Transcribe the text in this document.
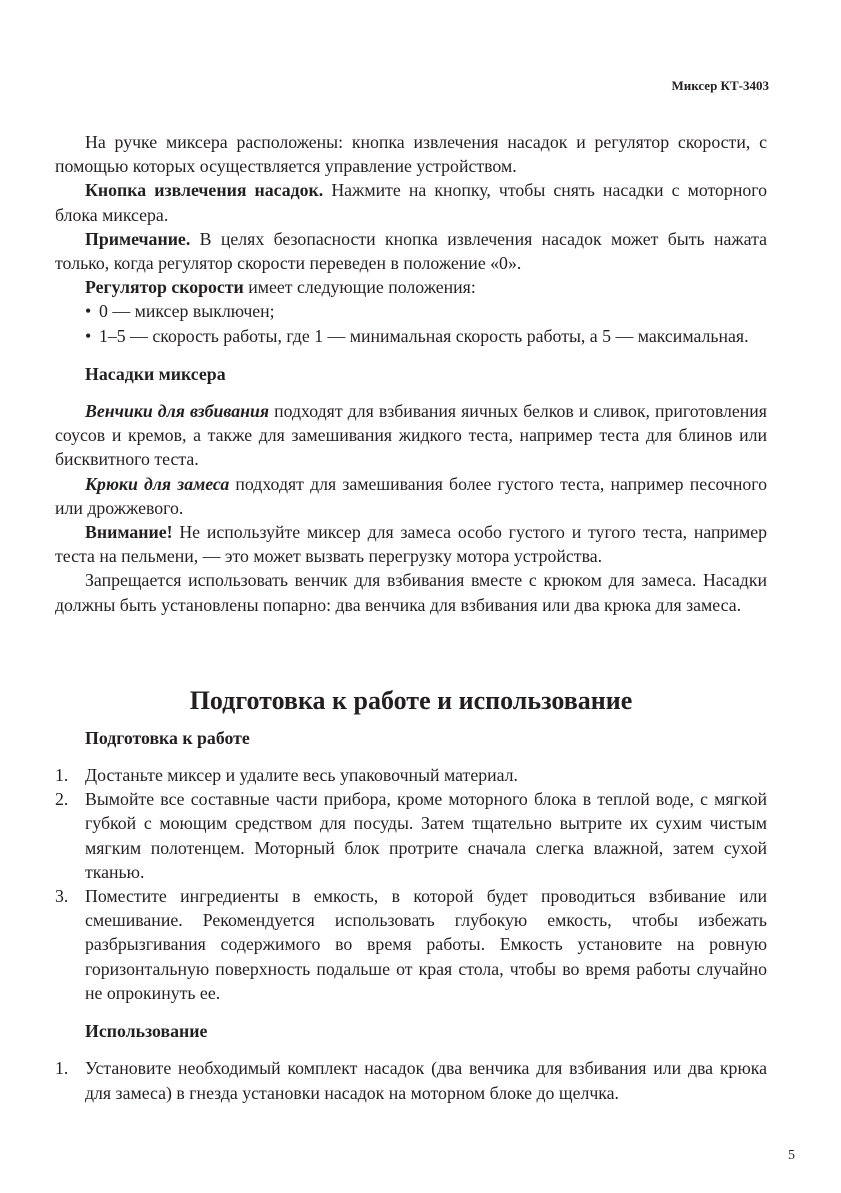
Миксер КТ-3403

На ручке миксера расположены: кнопка извлечения насадок и регулятор скорости, с помощью которых осуществляется управление устройством.

Кнопка извлечения насадок. Нажмите на кнопку, чтобы снять насадки с моторного блока миксера.

Примечание. В целях безопасности кнопка извлечения насадок может быть нажата только, когда регулятор скорости переведен в положение «0».

Регулятор скорости имеет следующие положения:

• 0 — миксер выключен;
• 1–5 — скорость работы, где 1 — минимальная скорость работы, а 5 — максимальная.
Насадки миксера

Венчики для взбивания подходят для взбивания яичных белков и сливок, приготовления соусов и кремов, а также для замешивания жидкого теста, например теста для блинов или бисквитного теста.

Крюки для замеса подходят для замешивания более густого теста, например песочного или дрожжевого.

Внимание! Не используйте миксер для замеса особо густого и тугого теста, например теста на пельмени, — это может вызвать перегрузку мотора устройства.

Запрещается использовать венчик для взбивания вместе с крюком для замеса. Насадки должны быть установлены попарно: два венчика для взбивания или два крюка для замеса.

Подготовка к работе и использование
Подготовка к работе
1. Достаньте миксер и удалите весь упаковочный материал.
2. Вымойте все составные части прибора, кроме моторного блока в теплой воде, с мягкой губкой с моющим средством для посуды. Затем тщательно вытрите их сухим чистым мягким полотенцем. Моторный блок протрите сначала слегка влажной, затем сухой тканью.
3. Поместите ингредиенты в емкость, в которой будет проводиться взбивание или смешивание. Рекомендуется использовать глубокую емкость, чтобы избежать разбрызгивания содержимого во время работы. Емкость установите на ровную горизонтальную поверхность подальше от края стола, чтобы во время работы случайно не опрокинуть ее.
Использование
1. Установите необходимый комплект насадок (два венчика для взбивания или два крюка для замеса) в гнезда установки насадок на моторном блоке до щелчка.
5
